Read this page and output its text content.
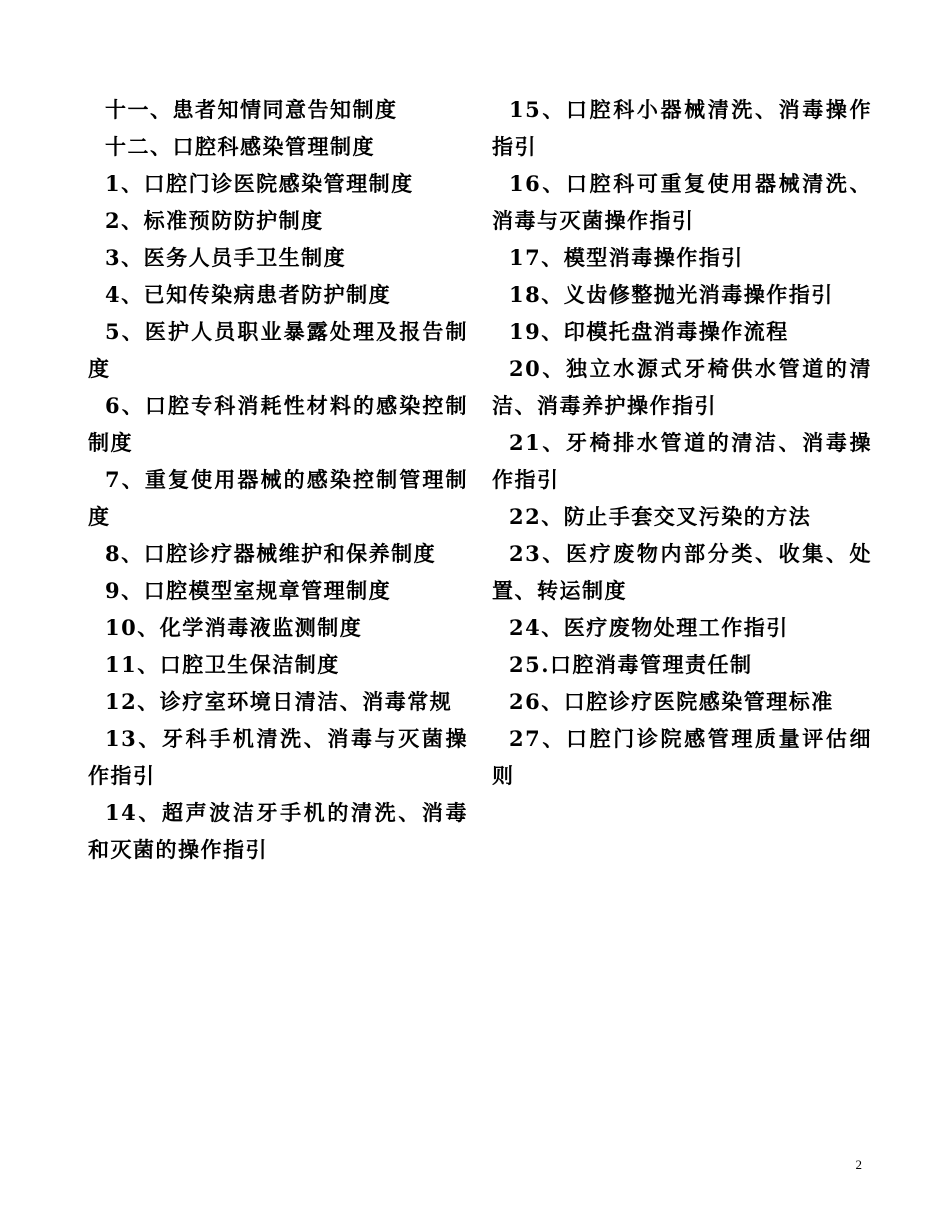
十一、患者知情同意告知制度

十二、口腔科感染管理制度

1、口腔门诊医院感染管理制度

2、标准预防防护制度

3、医务人员手卫生制度

4、已知传染病患者防护制度

5、医护人员职业暴露处理及报告制度

6、口腔专科消耗性材料的感染控制制度

7、重复使用器械的感染控制管理制度

8、口腔诊疗器械维护和保养制度

9、口腔模型室规章管理制度

10、化学消毒液监测制度

11、口腔卫生保洁制度

12、诊疗室环境日清洁、消毒常规

13、牙科手机清洗、消毒与灭菌操作指引

14、超声波洁牙手机的清洗、消毒和灭菌的操作指引

15、口腔科小器械清洗、消毒操作指引

16、口腔科可重复使用器械清洗、消毒与灭菌操作指引

17、模型消毒操作指引

18、义齿修整抛光消毒操作指引

19、印模托盘消毒操作流程

20、独立水源式牙椅供水管道的清洁、消毒养护操作指引

21、牙椅排水管道的清洁、消毒操作指引

22、防止手套交叉污染的方法

23、医疗废物内部分类、收集、处置、转运制度

24、医疗废物处理工作指引

25.口腔消毒管理责任制

26、口腔诊疗医院感染管理标准

27、口腔门诊院感管理质量评估细则

2
